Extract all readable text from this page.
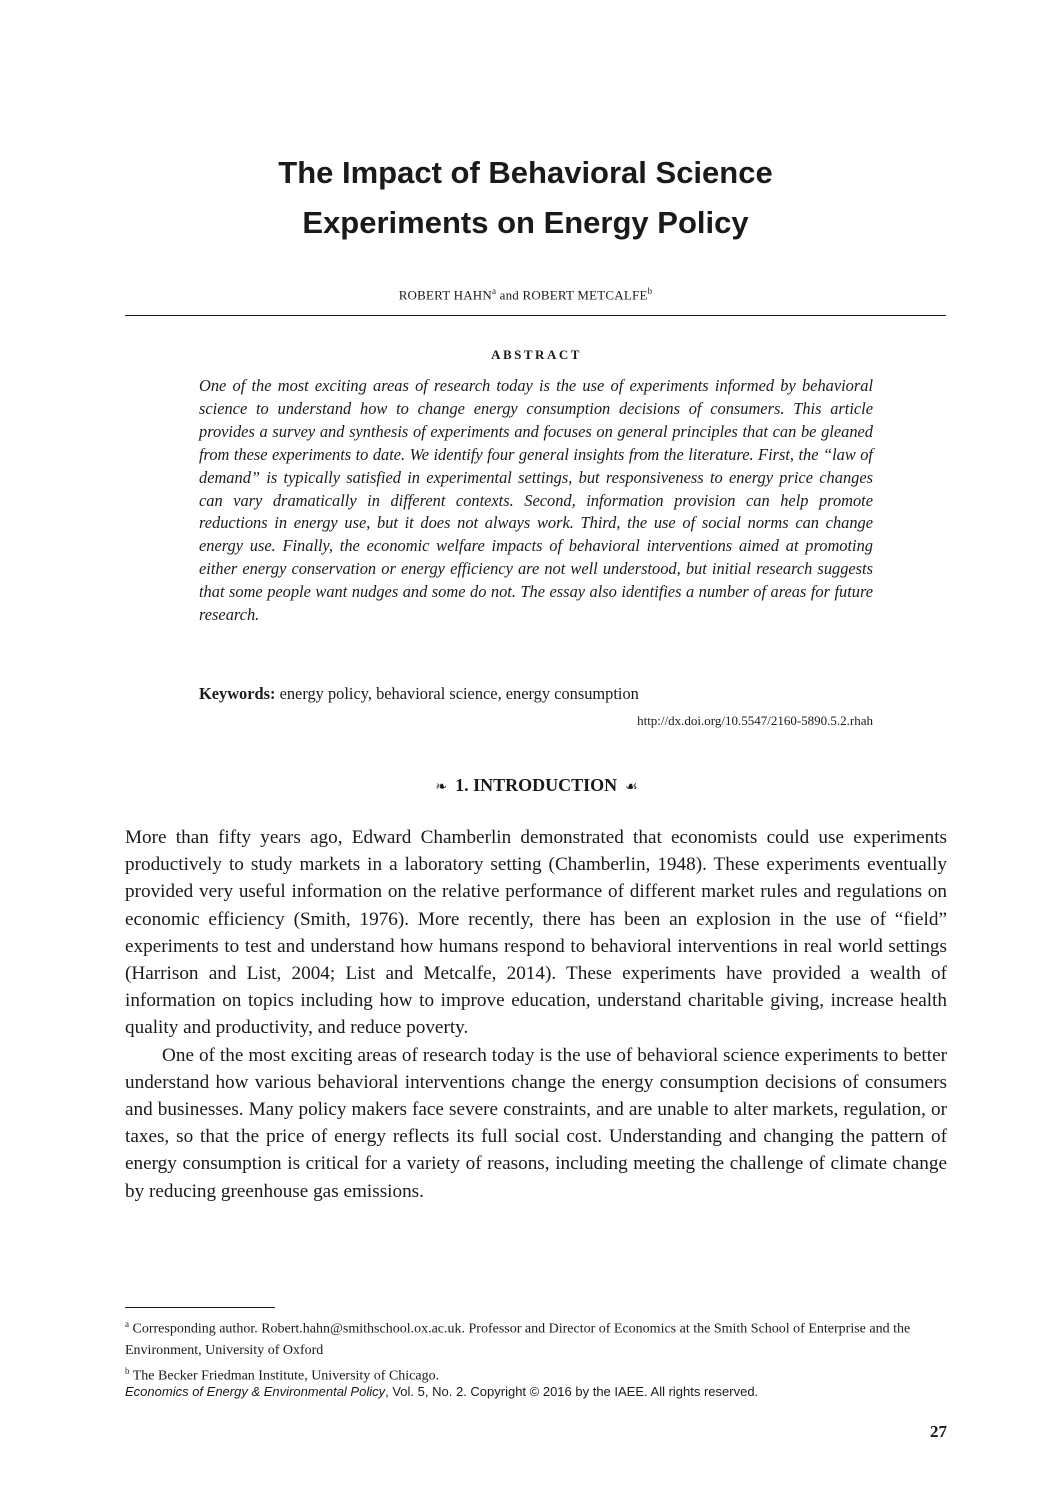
The Impact of Behavioral Science
Experiments on Energy Policy
ROBERT HAHN$^a$ and ROBERT METCALFE$^b$
ABSTRACT

One of the most exciting areas of research today is the use of experiments informed by behavioral science to understand how to change energy consumption decisions of consumers. This article provides a survey and synthesis of experiments and focuses on general principles that can be gleaned from these experiments to date. We identify four general insights from the literature. First, the “law of demand” is typically satisfied in experimental settings, but responsiveness to energy price changes can vary dramatically in different contexts. Second, information provision can help promote reductions in energy use, but it does not always work. Third, the use of social norms can change energy use. Finally, the economic welfare impacts of behavioral interventions aimed at promoting either energy conservation or energy efficiency are not well understood, but initial research suggests that some people want nudges and some do not. The essay also identifies a number of areas for future research.

Keywords: energy policy, behavioral science, energy consumption
http://dx.doi.org/10.5547/2160-5890.5.2.rhah
❧ 1. INTRODUCTION ☙

More than fifty years ago, Edward Chamberlin demonstrated that economists could use experiments productively to study markets in a laboratory setting (Chamberlin, 1948). These experiments eventually provided very useful information on the relative performance of different market rules and regulations on economic efficiency (Smith, 1976). More recently, there has been an explosion in the use of “field” experiments to test and understand how humans respond to behavioral interventions in real world settings (Harrison and List, 2004; List and Metcalfe, 2014). These experiments have provided a wealth of information on topics including how to improve education, understand charitable giving, increase health quality and productivity, and reduce poverty.

One of the most exciting areas of research today is the use of behavioral science experiments to better understand how various behavioral interventions change the energy consumption decisions of consumers and businesses. Many policy makers face severe constraints, and are unable to alter markets, regulation, or taxes, so that the price of energy reflects its full social cost. Understanding and changing the pattern of energy consumption is critical for a variety of reasons, including meeting the challenge of climate change by reducing greenhouse gas emissions.

$^a$ Corresponding author. Robert.hahn@smithschool.ox.ac.uk. Professor and Director of Economics at the Smith School of Enterprise and the Environment, University of Oxford

$^b$ The Becker Friedman Institute, University of Chicago.

Economics of Energy & Environmental Policy, Vol. 5, No. 2. Copyright © 2016 by the IAEE. All rights reserved.
27
